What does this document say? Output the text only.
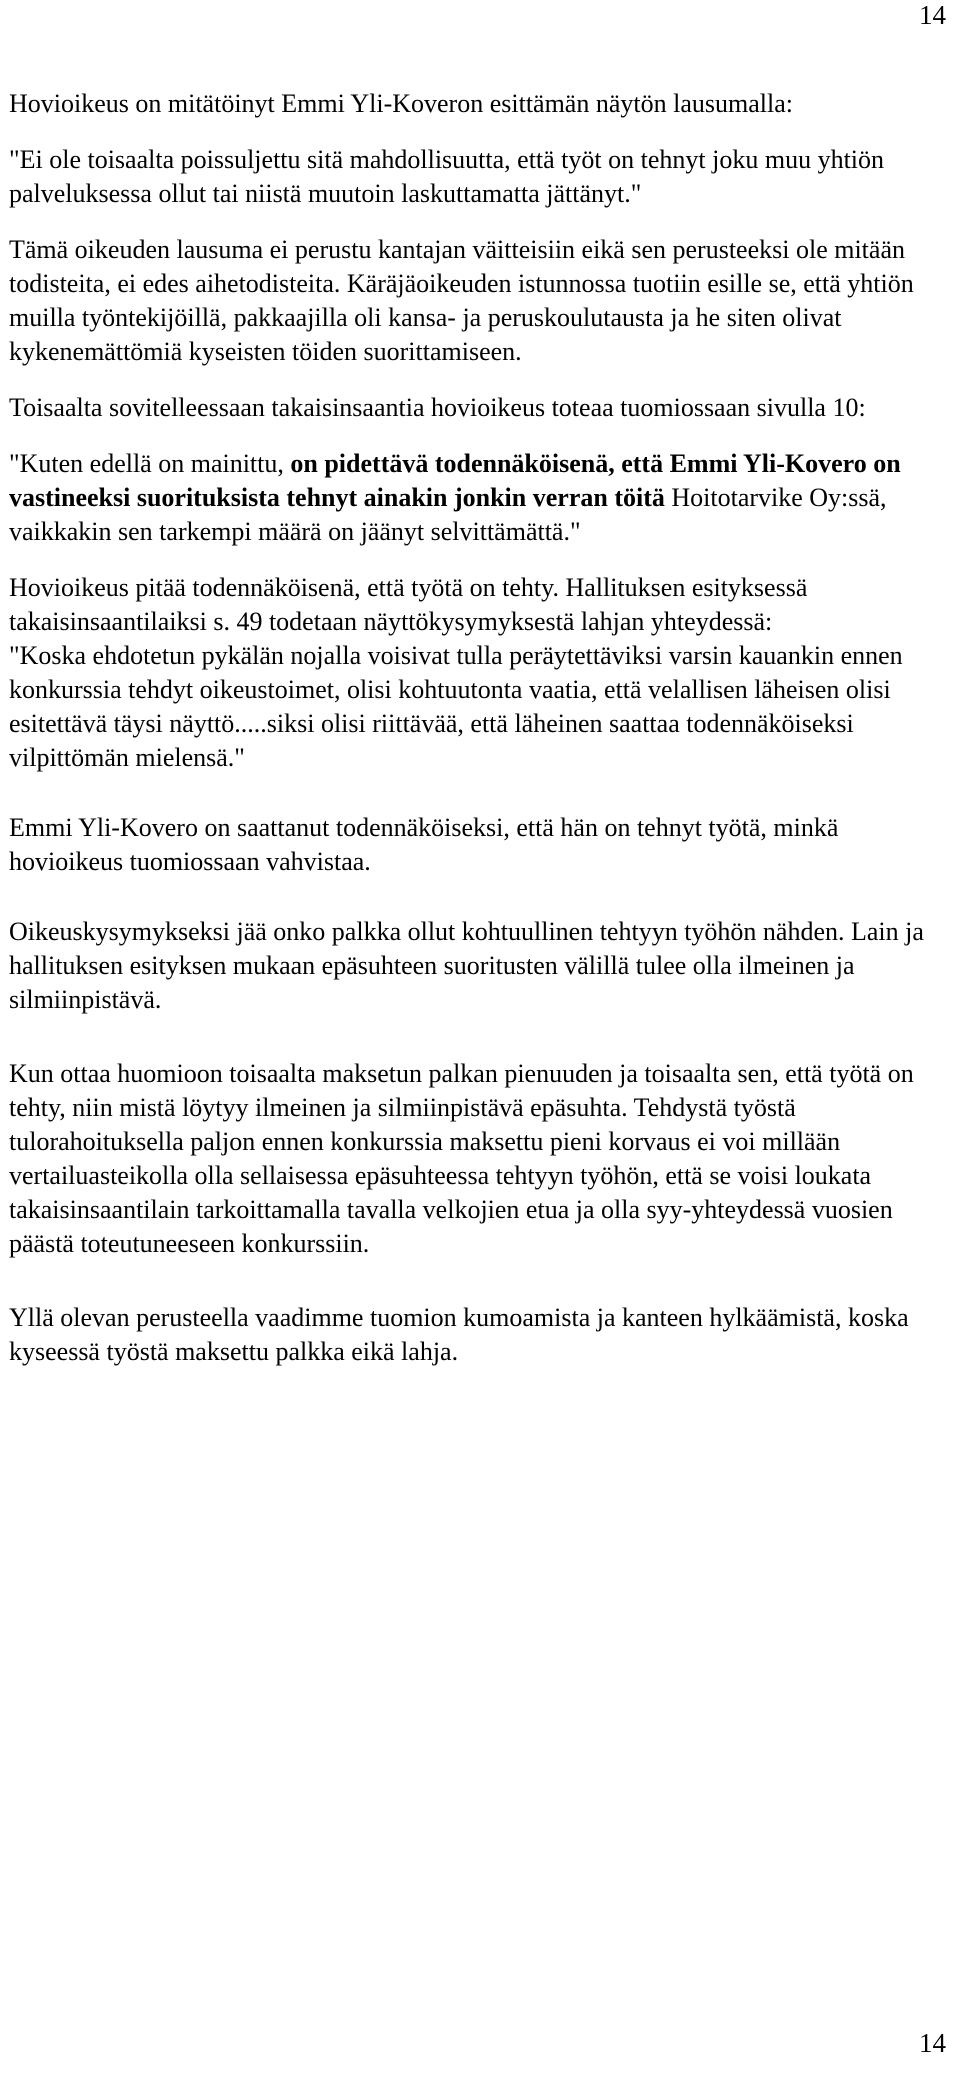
14

Hovioikeus on mitätöinyt Emmi Yli-Koveron esittämän näytön lausumalla:

"Ei ole toisaalta poissuljettu sitä mahdollisuutta, että työt on tehnyt joku muu yhtiön palveluksessa ollut tai niistä muutoin laskuttamatta jättänyt."

Tämä oikeuden lausuma ei perustu kantajan väitteisiin eikä sen perusteeksi ole mitään todisteita, ei edes aihetodisteita. Käräjäoikeuden istunnossa tuotiin esille se, että yhtiön muilla työntekijöillä, pakkaajilla oli kansa- ja peruskoulutausta ja he siten olivat kykenemättömiä kyseisten töiden suorittamiseen.

Toisaalta sovitelleessaan takaisinsaantia hovioikeus toteaa tuomiossaan sivulla 10:

"Kuten edellä on mainittu, on pidettävä todennäköisenä, että Emmi Yli-Kovero on vastineeksi suorituksista tehnyt ainakin jonkin verran töitä Hoitotarvike Oy:ssä, vaikkakin sen tarkempi määrä on jäänyt selvittämättä."

Hovioikeus pitää todennäköisenä, että työtä on tehty. Hallituksen esityksessä takaisinsaantilaiksi s. 49 todetaan näyttökysymyksestä lahjan yhteydessä:

"Koska ehdotetun pykälän nojalla voisivat tulla peräytettäviksi varsin kauankin ennen konkurssia tehdyt oikeustoimet, olisi kohtuutonta vaatia, että velallisen läheisen olisi esitettävä täysi näyttö.....siksi olisi riittävää, että läheinen saattaa todennäköiseksi vilpittömän mielensä."

Emmi Yli-Kovero on saattanut todennäköiseksi, että hän on tehnyt työtä, minkä hovioikeus tuomiossaan vahvistaa.

Oikeuskysymykseksi jää onko palkka ollut kohtuullinen tehtyyn työhön nähden. Lain ja hallituksen esityksen mukaan epäsuhteen suoritusten välillä tulee olla ilmeinen ja silmiinpistävä.

Kun ottaa huomioon toisaalta maksetun palkan pienuuden ja toisaalta sen, että työtä on tehty, niin mistä löytyy ilmeinen ja silmiinpistävä epäsuhta. Tehdystä työstä tulorahoituksella paljon ennen konkurssia maksettu pieni korvaus ei voi millään vertailuasteikolla olla sellaisessa epäsuhteessa tehtyyn työhön, että se voisi loukata takaisinsaantilain tarkoittamalla tavalla velkojien etua ja olla syy-yhteydessä vuosien päästä toteutuneeseen konkurssiin.

Yllä olevan perusteella vaadimme tuomion kumoamista ja kanteen hylkäämistä, koska kyseessä työstä maksettu palkka eikä lahja.

14
